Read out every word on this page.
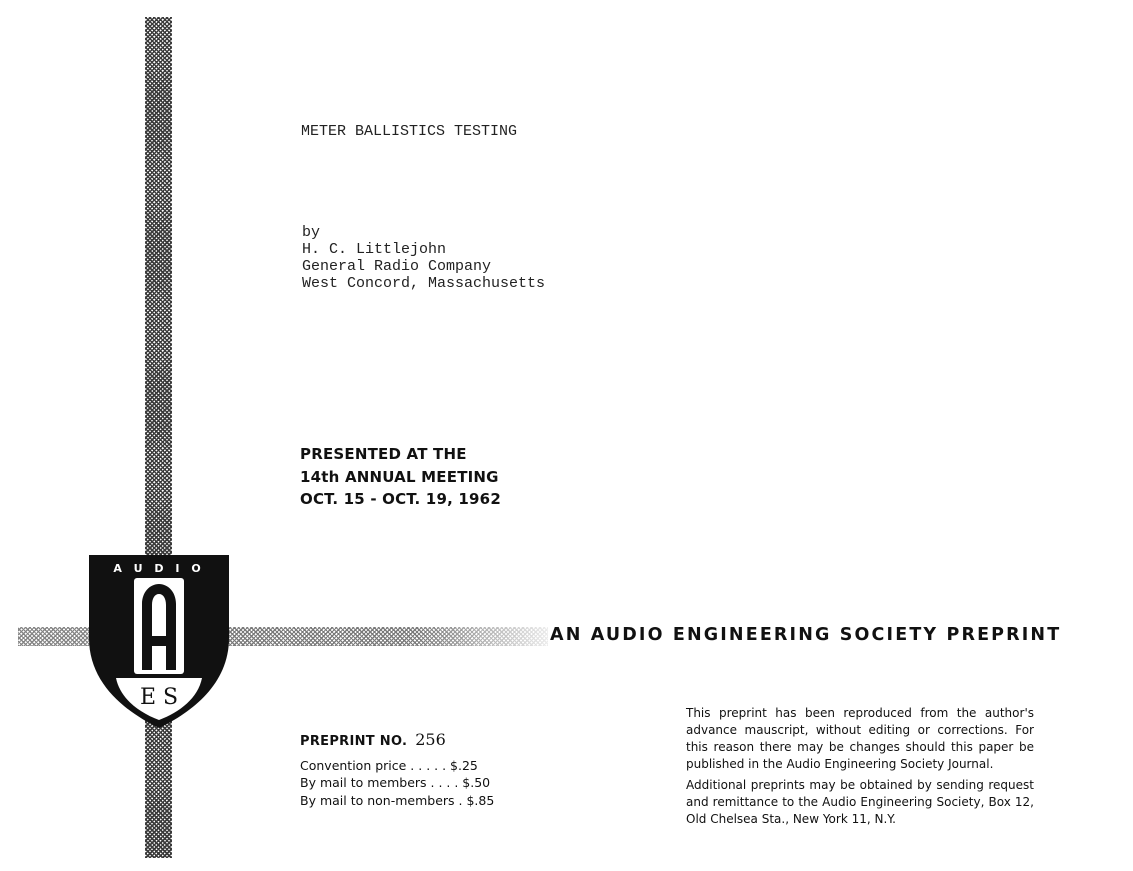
A U D I O
E S
METER BALLISTICS TESTING
by
H. C. Littlejohn
General Radio Company
West Concord, Massachusetts
PRESENTED AT THE
14th ANNUAL MEETING
OCT. 15 - OCT. 19, 1962
AN AUDIO ENGINEERING SOCIETY PREPRINT
PREPRINT NO. 256
Convention price . . . . . $.25
By mail to members . . . . $.50
By mail to non-members . $.85

This preprint has been reproduced from the author's advance mauscript, without editing or corrections. For this reason there may be changes should this paper be published in the Audio Engineering Society Journal.

Additional preprints may be obtained by sending request and remittance to the Audio Engineering Society, Box 12, Old Chelsea Sta., New York 11, N.Y.
